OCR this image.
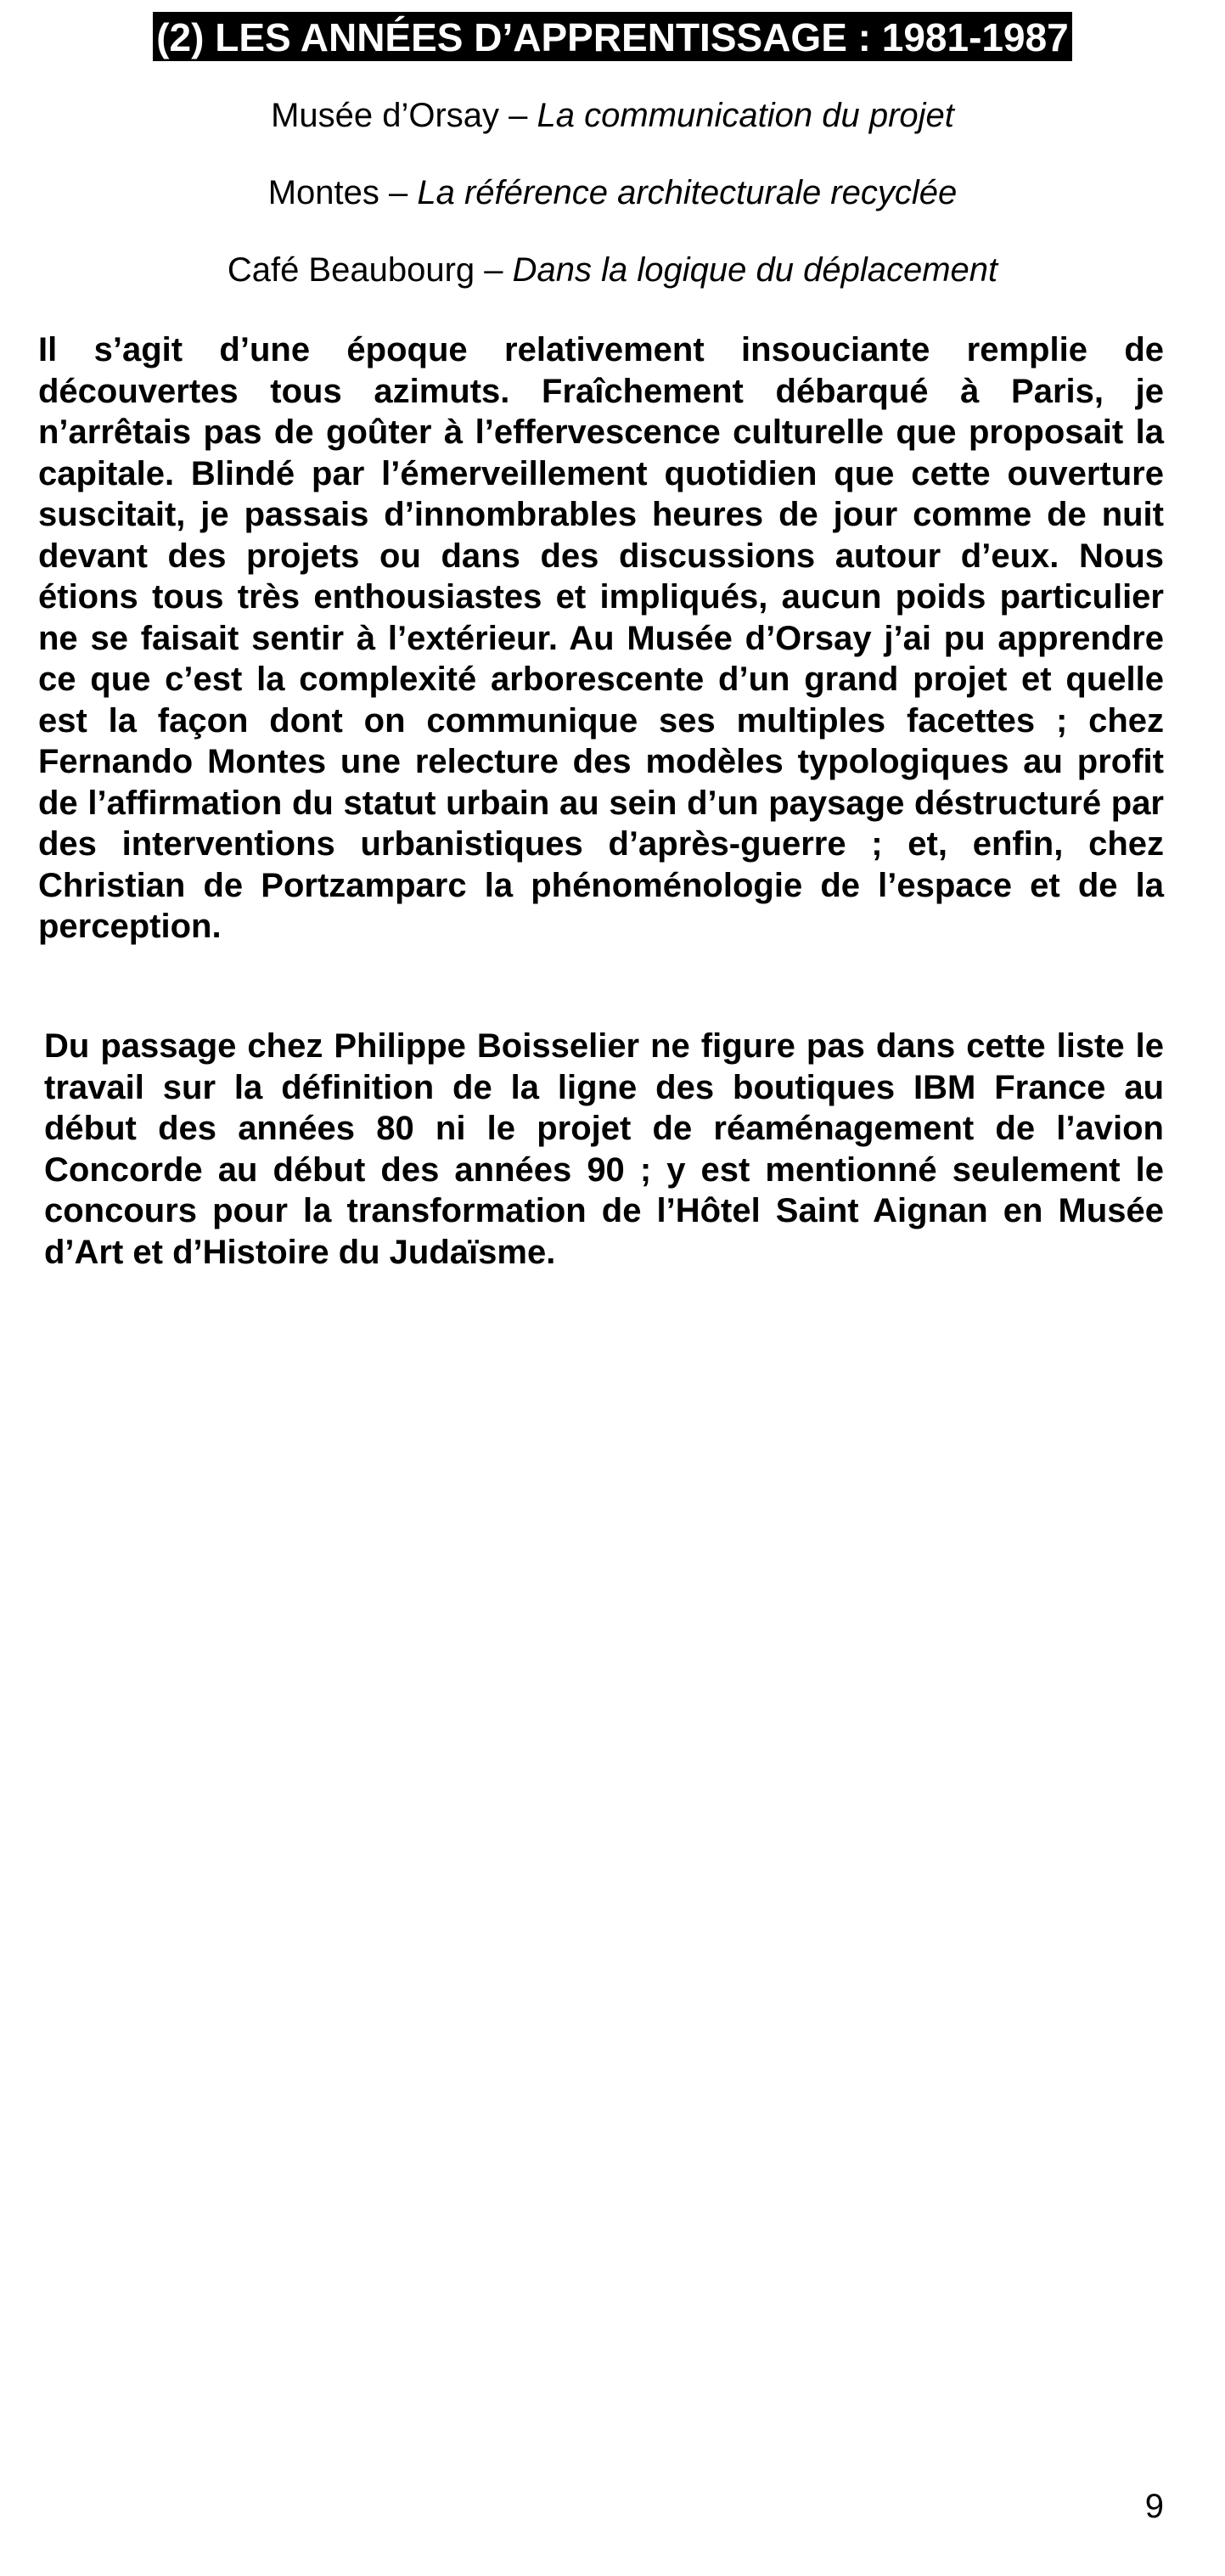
(2) LES ANNÉES D’APPRENTISSAGE : 1981-1987
Musée d’Orsay – La communication du projet
Montes – La référence architecturale recyclée
Café Beaubourg – Dans la logique du déplacement

Il s’agit d’une époque relativement insouciante remplie de découvertes tous azimuts. Fraîchement débarqué à Paris, je n’arrêtais pas de goûter à l’effervescence culturelle que proposait la capitale. Blindé par l’émerveillement quotidien que cette ouverture suscitait, je passais d’innombrables heures de jour comme de nuit devant des projets ou dans des discussions autour d’eux. Nous étions tous très enthousiastes et impliqués, aucun poids particulier ne se faisait sentir à l’extérieur. Au Musée d’Orsay j’ai pu apprendre ce que c’est la complexité arborescente d’un grand projet et quelle est la façon dont on communique ses multiples facettes ; chez Fernando Montes une relecture des modèles typologiques au profit de l’affirmation du statut urbain au sein d’un paysage déstructuré par des interventions urbanistiques d’après-guerre ; et, enfin, chez Christian de Portzamparc la phénoménologie de l’espace et de la perception.

Du passage chez Philippe Boisselier ne figure pas dans cette liste le travail sur la définition de la ligne des boutiques IBM France au début des années 80 ni le projet de réaménagement de l’avion Concorde au début des années 90 ; y est mentionné seulement le concours pour la transformation de l’Hôtel Saint Aignan en Musée d’Art et d’Histoire du Judaïsme.

9
